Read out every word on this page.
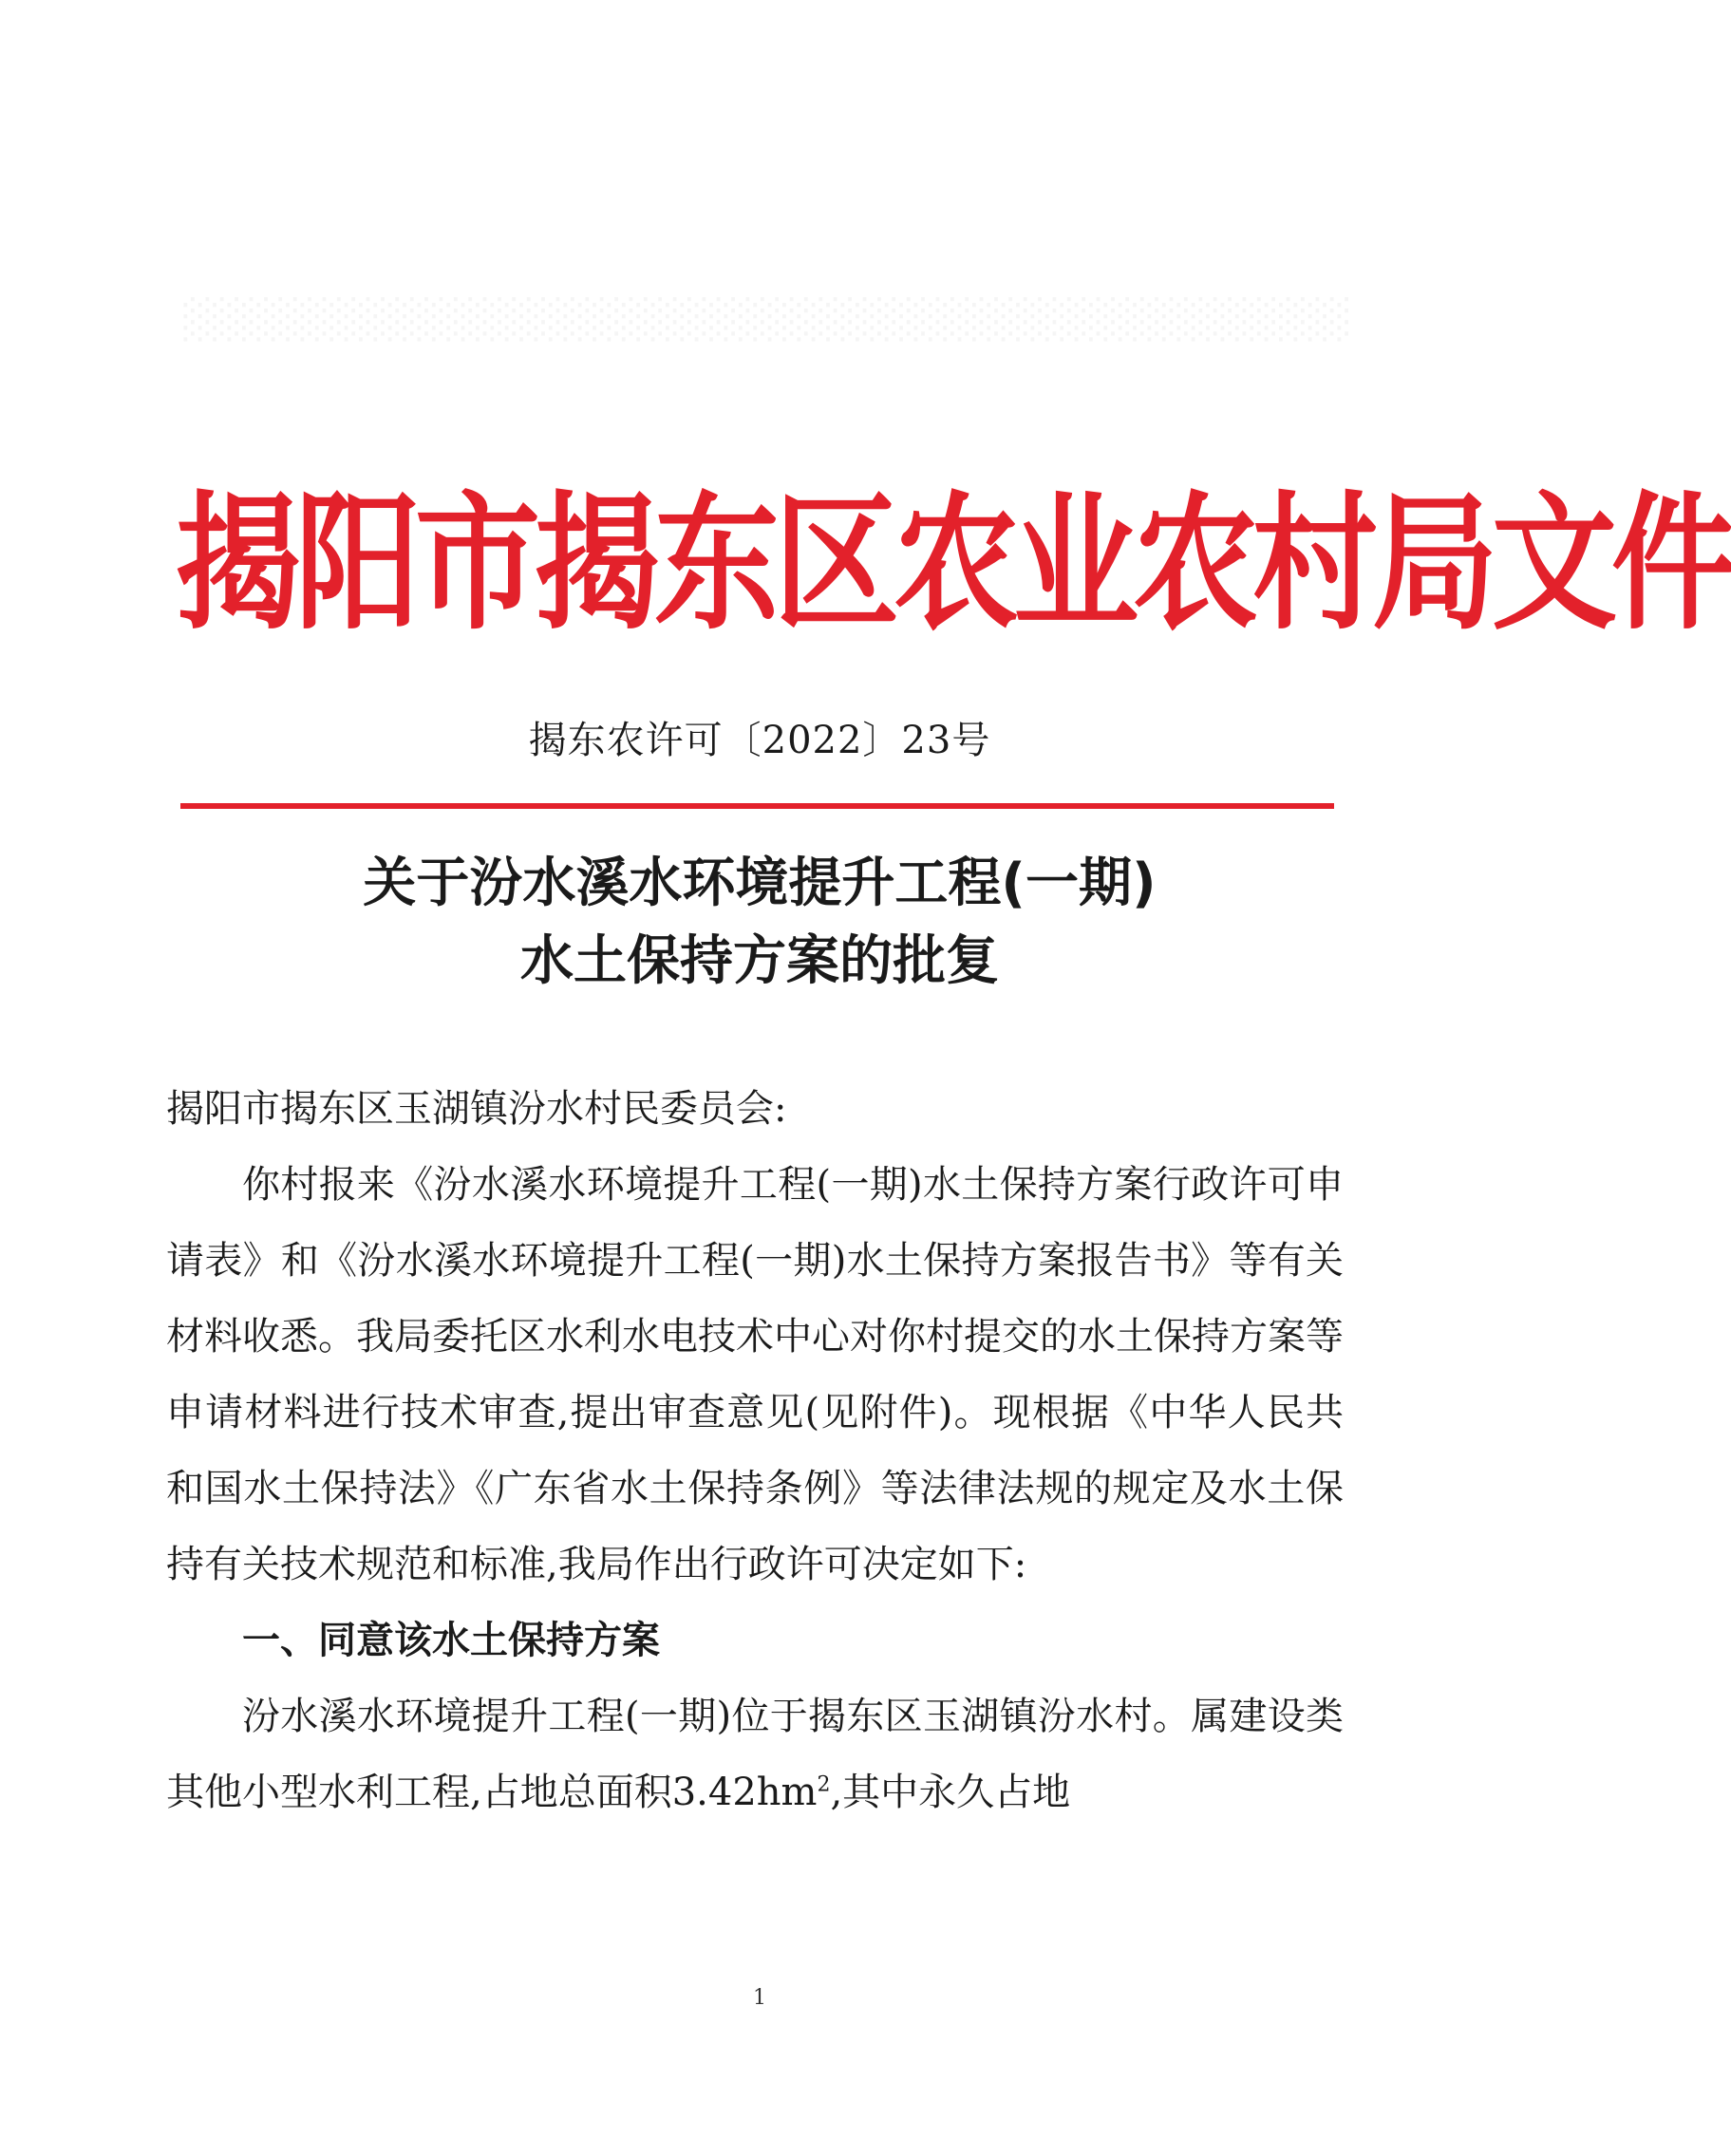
揭阳市揭东区农业农村局文件
揭东农许可〔2022〕23号
关于汾水溪水环境提升工程(一期)
水土保持方案的批复

揭阳市揭东区玉湖镇汾水村民委员会:

你村报来《汾水溪水环境提升工程(一期)水土保持方案行政许可申请表》和《汾水溪水环境提升工程(一期)水土保持方案报告书》等有关材料收悉。我局委托区水利水电技术中心对你村提交的水土保持方案等申请材料进行技术审查,提出审查意见(见附件)。现根据《中华人民共和国水土保持法》《广东省水土保持条例》等法律法规的规定及水土保持有关技术规范和标准,我局作出行政许可决定如下:

一、同意该水土保持方案

汾水溪水环境提升工程(一期)位于揭东区玉湖镇汾水村。属建设类其他小型水利工程,占地总面积$3.42hm^2$,其中永久占地

1
